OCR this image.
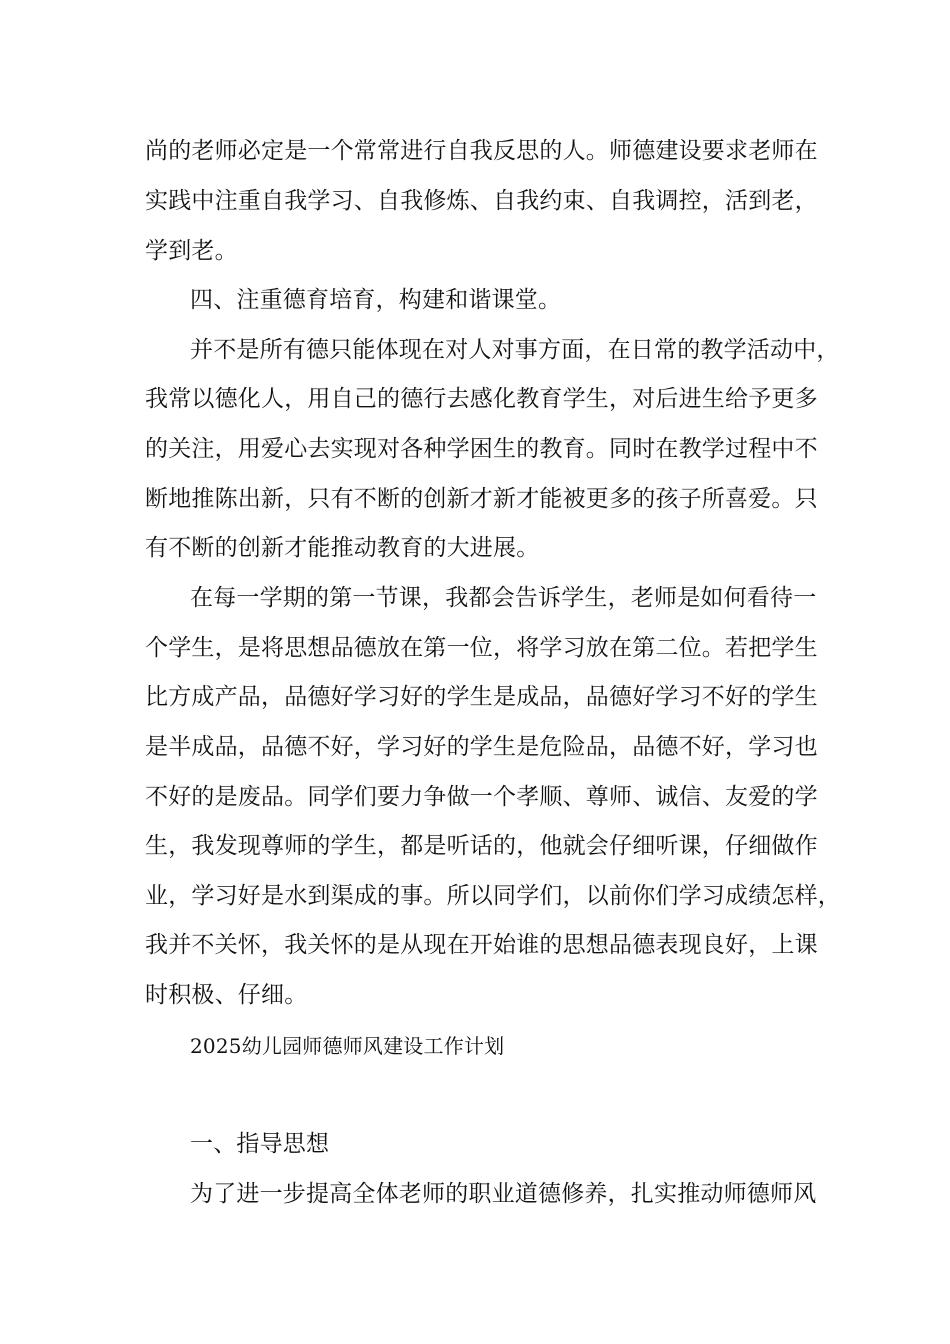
尚的老师必定是一个常常进行自我反思的人。师德建设要求老师在
实践中注重自我学习、自我修炼、自我约束、自我调控，活到老，
学到老。
四、注重德育培育，构建和谐课堂。
并不是所有德只能体现在对人对事方面，在日常的教学活动中，
我常以德化人，用自己的德行去感化教育学生，对后进生给予更多
的关注，用爱心去实现对各种学困生的教育。同时在教学过程中不
断地推陈出新，只有不断的创新才新才能被更多的孩子所喜爱。只
有不断的创新才能推动教育的大进展。
在每一学期的第一节课，我都会告诉学生，老师是如何看待一
个学生，是将思想品德放在第一位，将学习放在第二位。若把学生
比方成产品，品德好学习好的学生是成品，品德好学习不好的学生
是半成品，品德不好，学习好的学生是危险品，品德不好，学习也
不好的是废品。同学们要力争做一个孝顺、尊师、诚信、友爱的学
生，我发现尊师的学生，都是听话的，他就会仔细听课，仔细做作
业，学习好是水到渠成的事。所以同学们，以前你们学习成绩怎样，
我并不关怀，我关怀的是从现在开始谁的思想品德表现良好，上课
时积极、仔细。
2025幼儿园师德师风建设工作计划
一、指导思想
为了进一步提高全体老师的职业道德修养，扎实推动师德师风
